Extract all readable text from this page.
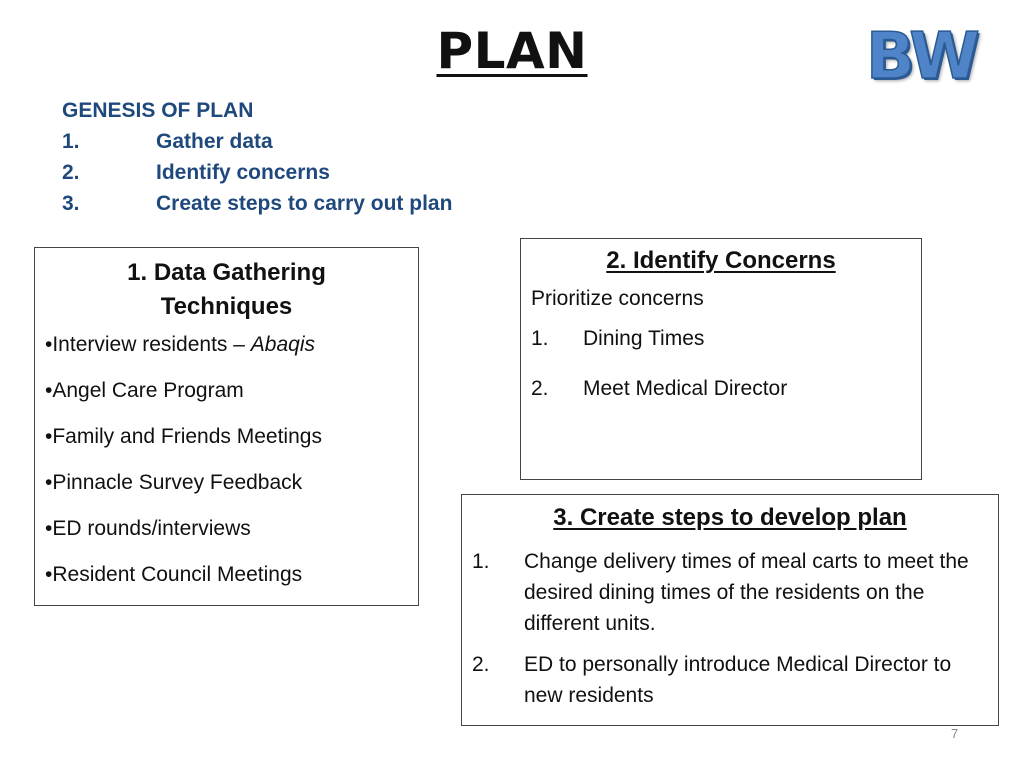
PLAN	BW
GENESIS OF PLAN
1.	Gather data
2.	Identify concerns
3.	Create steps to carry out plan
1. Data Gathering
Techniques
•Interview residents – Abaqis
•Angel Care Program
•Family and Friends Meetings
•Pinnacle Survey Feedback
•ED rounds/interviews
•Resident Council Meetings
2. Identify Concerns
Prioritize concerns
1.	Dining Times
2.	Meet Medical Director
3. Create steps to develop plan
1.	Change delivery times of meal carts to meet the desired dining times of the residents on the different units.
2.	ED to personally introduce Medical Director to new residents
7
